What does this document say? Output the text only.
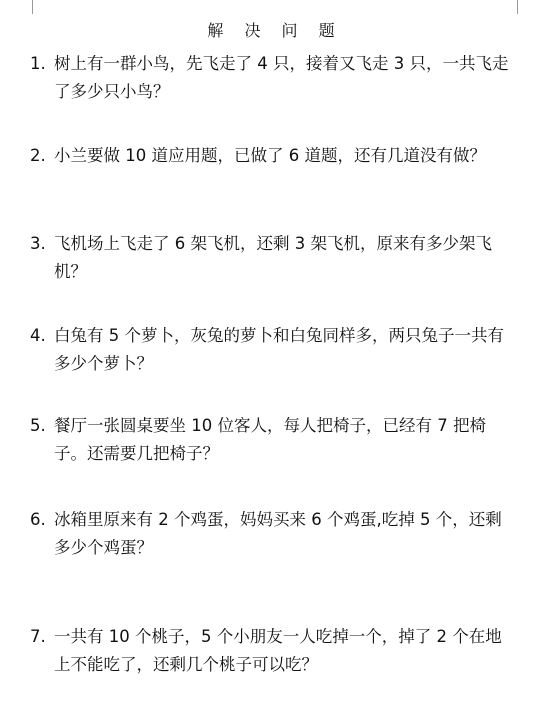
解 决 问 题
1. 树上有一群小鸟，先飞走了 4 只，接着又飞走 3 只，一共飞走了多少只小鸟？
2. 小兰要做 10 道应用题，已做了 6 道题，还有几道没有做？
3. 飞机场上飞走了 6 架飞机，还剩 3 架飞机，原来有多少架飞机？
4. 白兔有 5 个萝卜，灰兔的萝卜和白兔同样多，两只兔子一共有多少个萝卜？
5. 餐厅一张圆桌要坐 10 位客人，每人把椅子，已经有 7 把椅子。还需要几把椅子？
6. 冰箱里原来有 2 个鸡蛋，妈妈买来 6 个鸡蛋,吃掉 5 个，还剩多少个鸡蛋？
7. 一共有 10 个桃子，5 个小朋友一人吃掉一个，掉了 2 个在地上不能吃了，还剩几个桃子可以吃？
